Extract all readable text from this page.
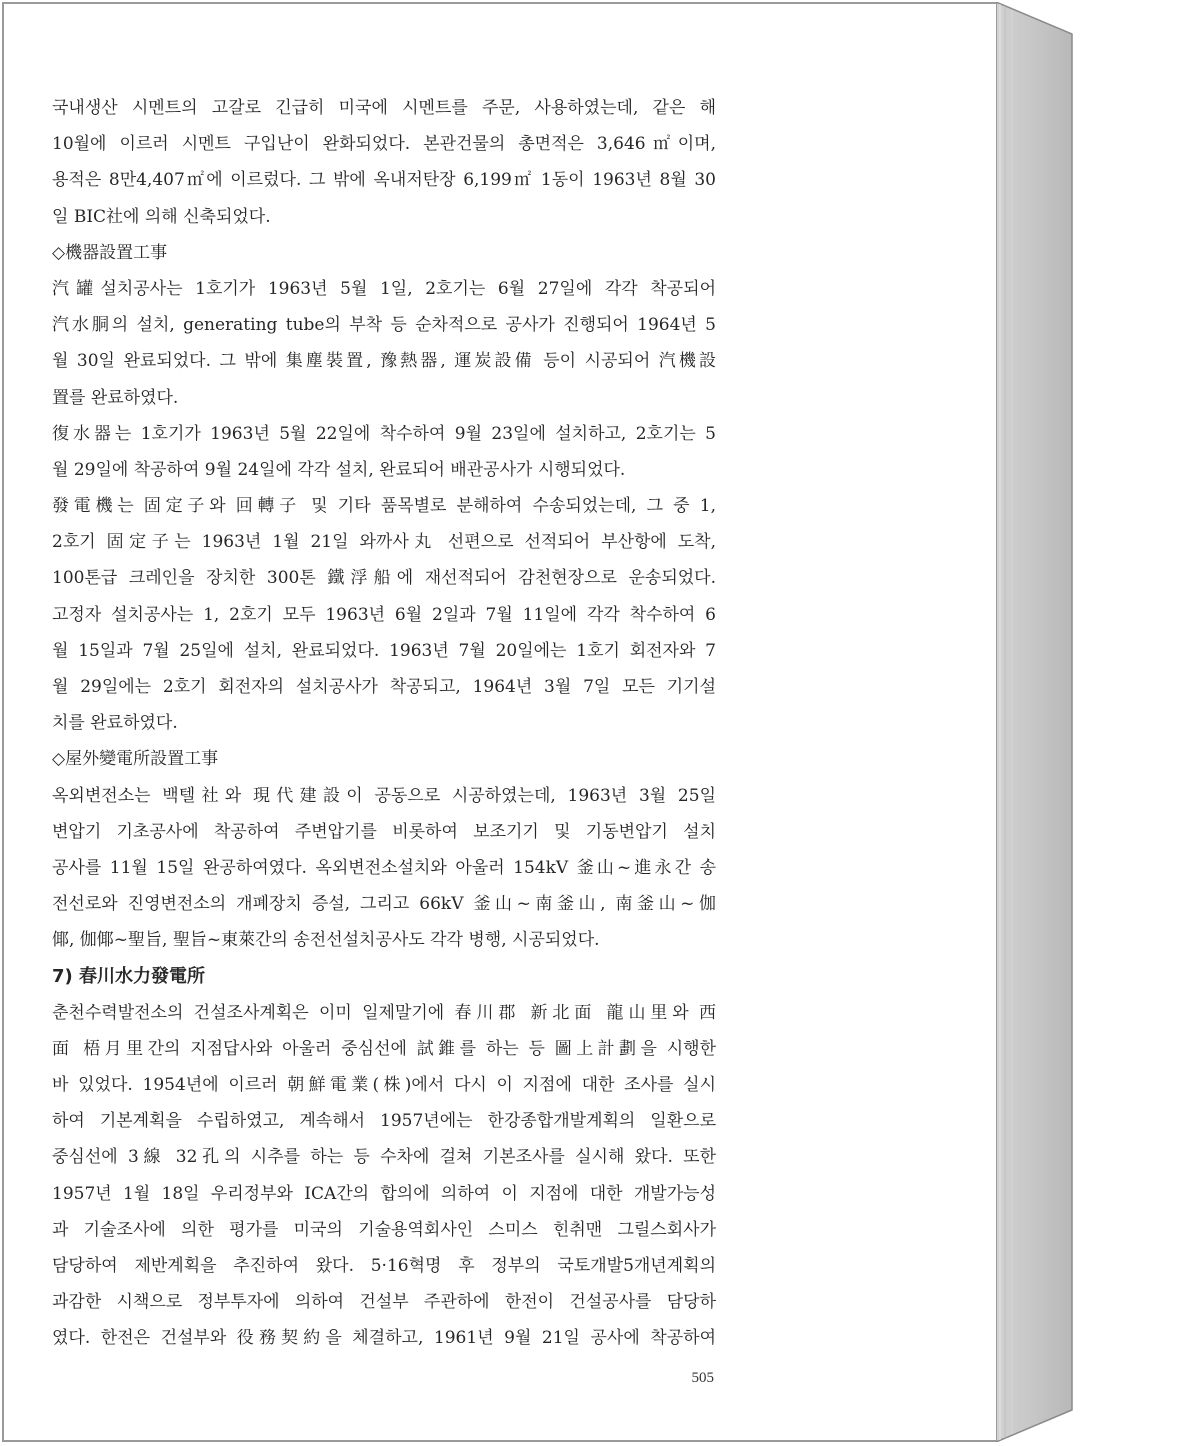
국내생산 시멘트의 고갈로 긴급히 미국에 시멘트를 주문, 사용하였는데, 같은 해
10월에 이르러 시멘트 구입난이 완화되었다. 본관건물의 총면적은 3,646㎡이며,
용적은 8만4,407㎡에 이르렀다. 그 밖에 옥내저탄장 6,199㎡ 1동이 1963년 8월 30
일 BIC社에 의해 신축되었다.
◇機器設置工事
汽罐설치공사는 1호기가 1963년 5월 1일, 2호기는 6월 27일에 각각 착공되어
汽水胴의 설치, generating tube의 부착 등 순차적으로 공사가 진행되어 1964년 5
월 30일 완료되었다. 그 밖에 集塵裝置, 豫熱器, 運炭設備 등이 시공되어 汽機設
置를 완료하였다.
復水器는 1호기가 1963년 5월 22일에 착수하여 9월 23일에 설치하고, 2호기는 5
월 29일에 착공하여 9월 24일에 각각 설치, 완료되어 배관공사가 시행되었다.
發電機는 固定子와 回轉子 및 기타 품목별로 분해하여 수송되었는데, 그 중 1,
2호기 固定子는 1963년 1월 21일 와까사丸 선편으로 선적되어 부산항에 도착,
100톤급 크레인을 장치한 300톤 鐵浮船에 재선적되어 감천현장으로 운송되었다.
고정자 설치공사는 1, 2호기 모두 1963년 6월 2일과 7월 11일에 각각 착수하여 6
월 15일과 7월 25일에 설치, 완료되었다. 1963년 7월 20일에는 1호기 회전자와 7
월 29일에는 2호기 회전자의 설치공사가 착공되고, 1964년 3월 7일 모든 기기설
치를 완료하였다.
◇屋外變電所設置工事
옥외변전소는 백텔社와 現代建設이 공동으로 시공하였는데, 1963년 3월 25일
변압기 기초공사에 착공하여 주변압기를 비롯하여 보조기기 및 기동변압기 설치
공사를 11월 15일 완공하여였다. 옥외변전소설치와 아울러 154kV 釜山~進永간 송
전선로와 진영변전소의 개폐장치 증설, 그리고 66kV 釜山~南釜山, 南釜山~伽
倻, 伽倻~聖旨, 聖旨~東萊간의 송전선설치공사도 각각 병행, 시공되었다.
7) 春川水力發電所
춘천수력발전소의 건설조사계획은 이미 일제말기에 春川郡 新北面 龍山里와 西
面 梧月里간의 지점답사와 아울러 중심선에 試錐를 하는 등 圖上計劃을 시행한
바 있었다. 1954년에 이르러 朝鮮電業(株)에서 다시 이 지점에 대한 조사를 실시
하여 기본계획을 수립하였고, 계속해서 1957년에는 한강종합개발계획의 일환으로
중심선에 3線 32孔의 시추를 하는 등 수차에 걸쳐 기본조사를 실시해 왔다. 또한
1957년 1월 18일 우리정부와 ICA간의 합의에 의하여 이 지점에 대한 개발가능성
과 기술조사에 의한 평가를 미국의 기술용역회사인 스미스 힌취맨 그릴스회사가
담당하여 제반계획을 추진하여 왔다. 5·16혁명 후 정부의 국토개발5개년계획의
과감한 시책으로 정부투자에 의하여 건설부 주관하에 한전이 건설공사를 담당하
였다. 한전은 건설부와 役務契約을 체결하고, 1961년 9월 21일 공사에 착공하여
505
